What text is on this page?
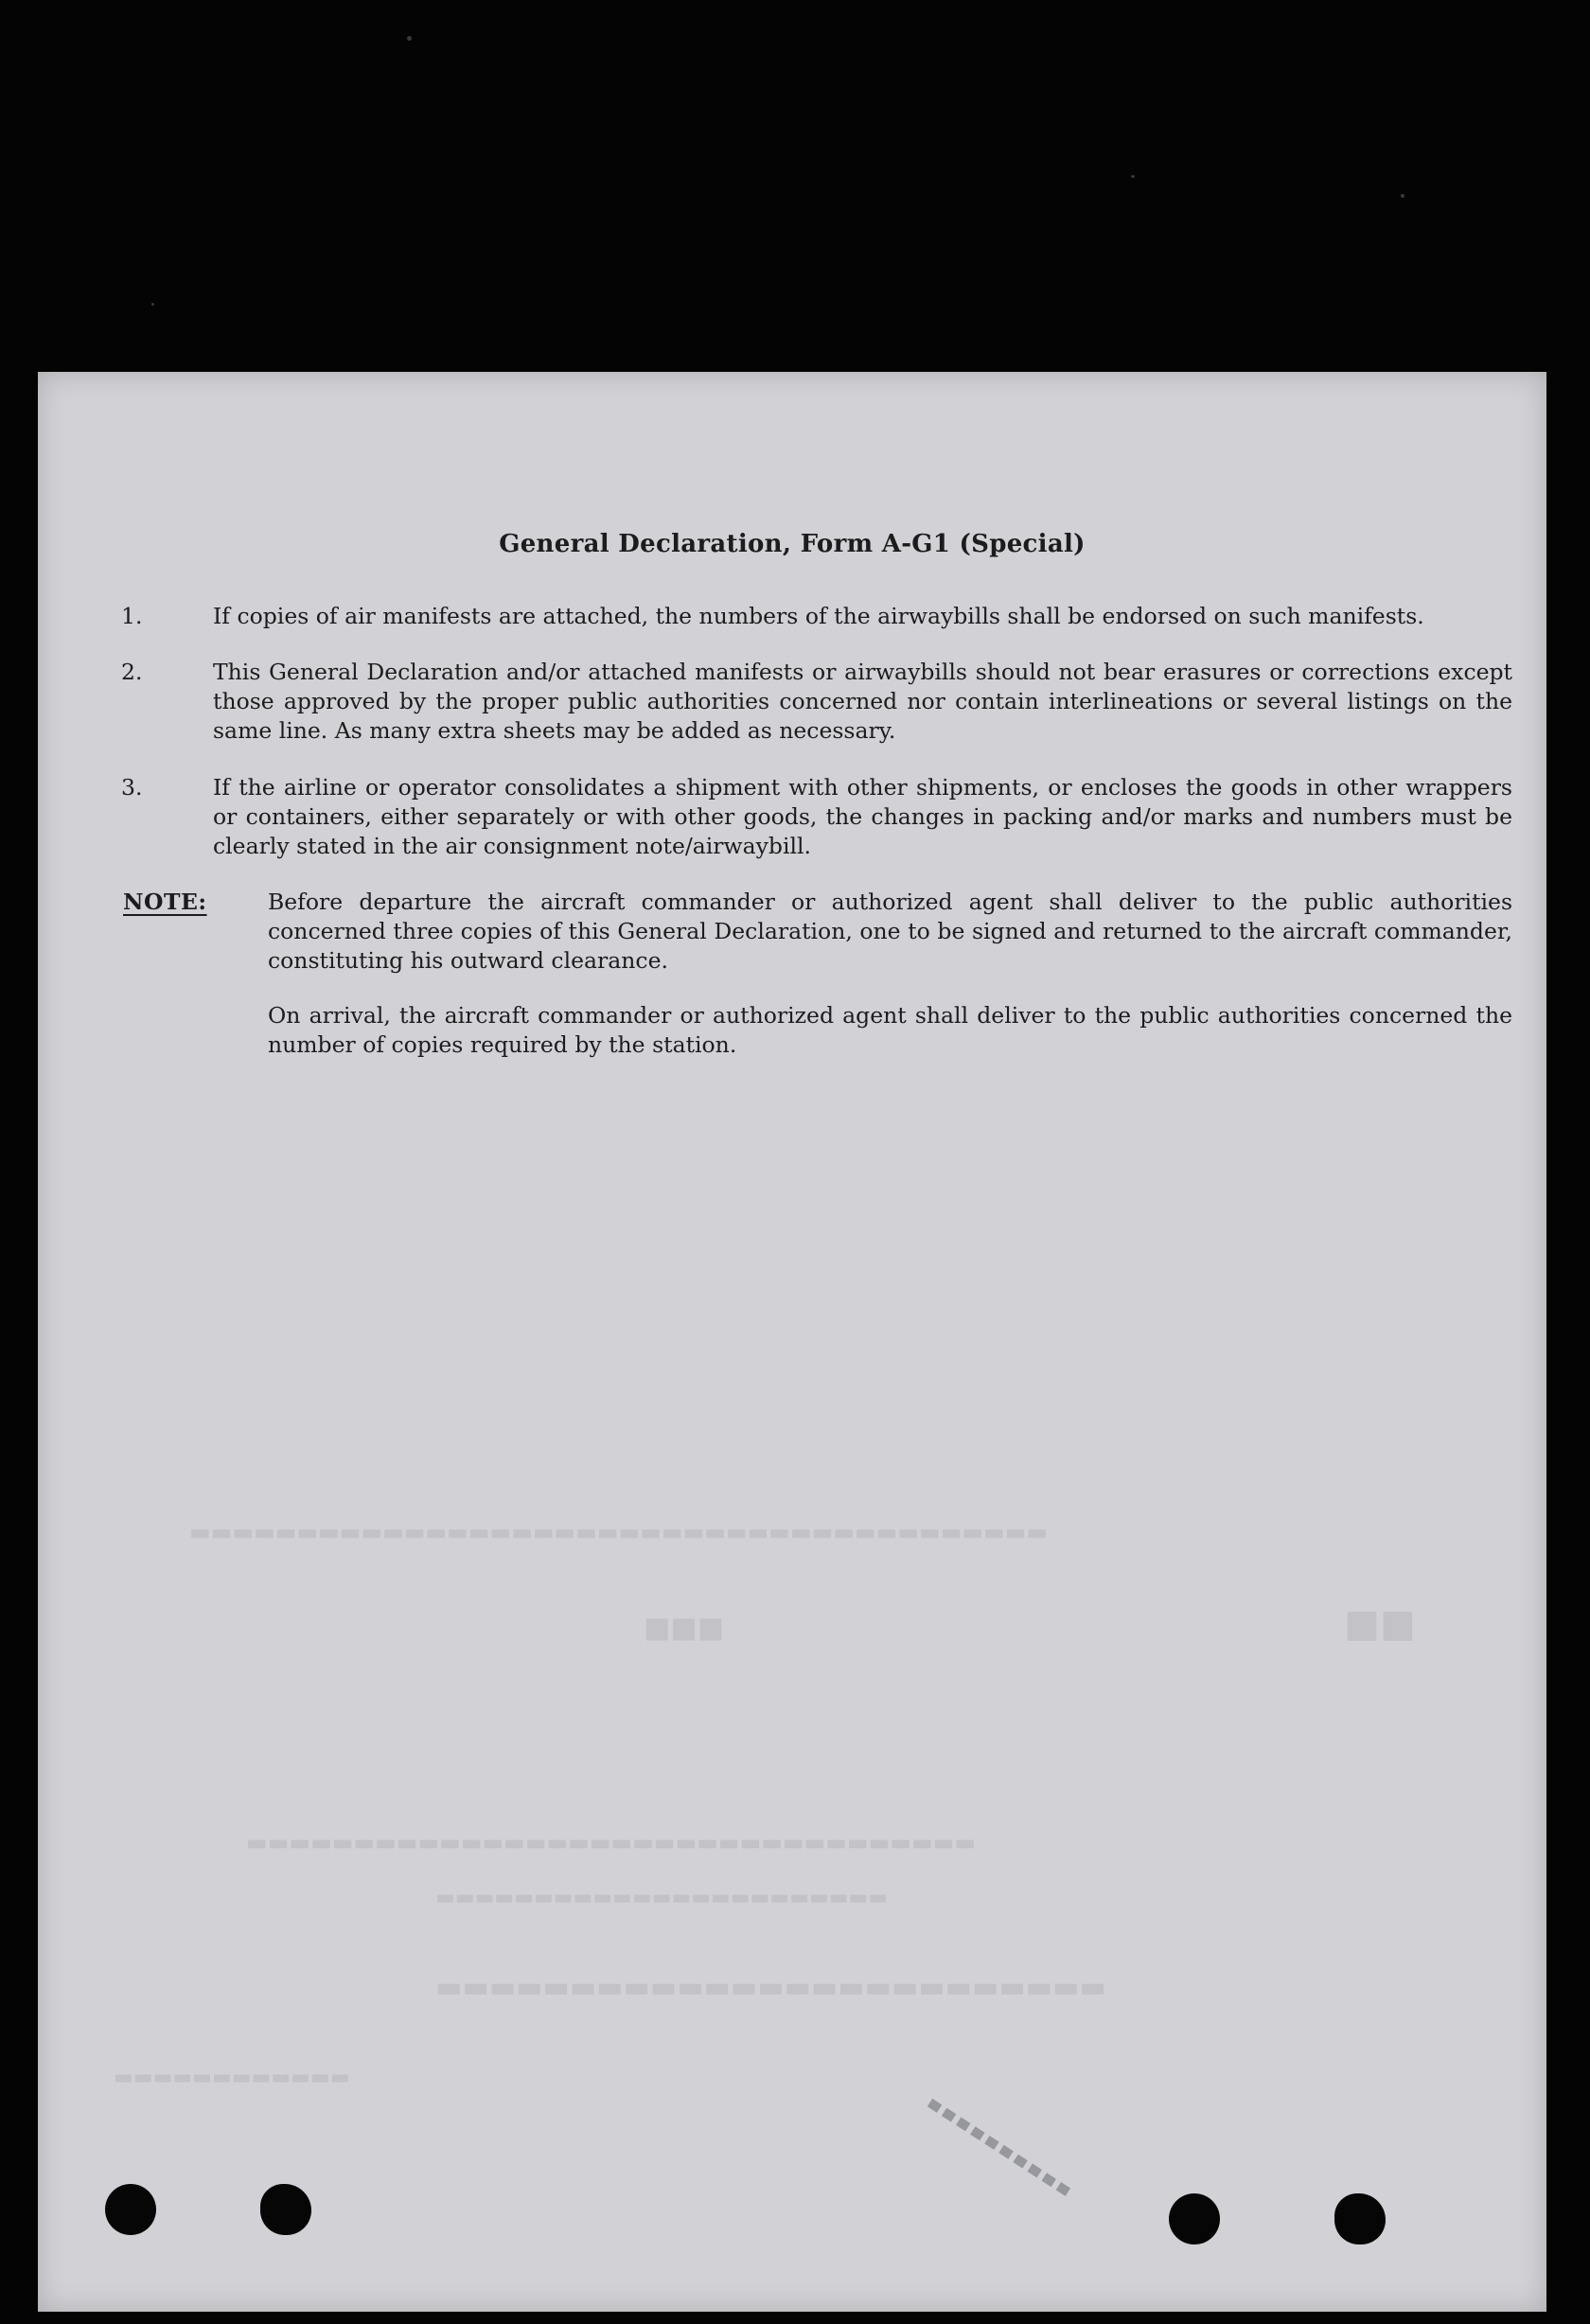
■■■	■■
▬▬▬▬▬▬▬▬▬▬▬▬▬▬▬▬▬▬▬▬▬▬▬▬▬▬▬▬▬▬▬▬▬▬▬▬▬▬▬▬
▬▬▬▬▬▬▬▬▬▬▬▬▬▬▬▬▬▬▬▬▬▬▬▬▬▬▬▬▬▬▬▬▬▬
▬▬▬▬▬▬▬▬▬▬▬▬▬▬▬▬▬▬▬▬▬▬▬
▬▬▬▬▬▬▬▬▬▬▬▬▬▬▬▬▬▬▬▬▬▬▬▬▬
▬▬▬▬▬▬▬▬▬▬▬▬
General Declaration, Form A-G1 (Special)
1.	If copies of air manifests are attached, the numbers of the airwaybills shall be endorsed on such manifests.
2.	This General Declaration and/or attached manifests or airwaybills should not bear erasures or corrections except those approved by the proper public authorities concerned nor contain interlineations or several listings on the same line. As many extra sheets may be added as necessary.
3.	If the airline or operator consolidates a shipment with other shipments, or encloses the goods in other wrappers or containers, either separately or with other goods, the changes in packing and/or marks and numbers must be clearly stated in the air consignment note/airwaybill.
NOTE:	Before departure the aircraft commander or authorized agent shall deliver to the public authorities concerned three copies of this General Declaration, one to be signed and returned to the aircraft commander, constituting his outward clearance.
On arrival, the aircraft commander or authorized agent shall deliver to the public authorities concerned the number of copies required by the station.
